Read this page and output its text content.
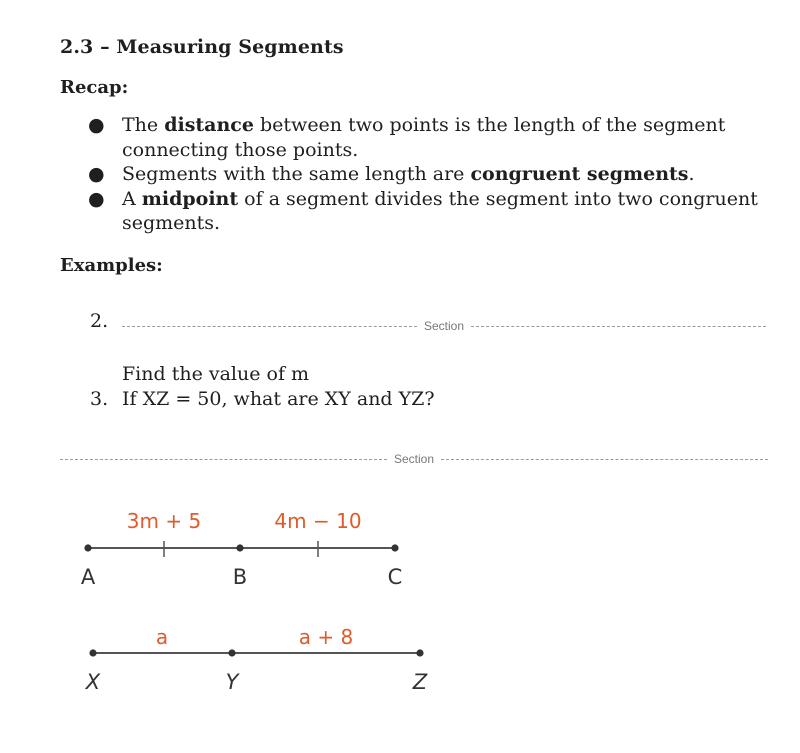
2.3 – Measuring Segments
Recap:
● The distance between two points is the length of the segment
connecting those points.
● Segments with the same length are congruent segments.
● A midpoint of a segment divides the segment into two congruent
segments.
Examples:
2.	Section
Find the value of m
3. If XZ = 50, what are XY and YZ?
Section
3m + 5	4m − 10
A	B	C
a	a + 8
X	Y	Z
